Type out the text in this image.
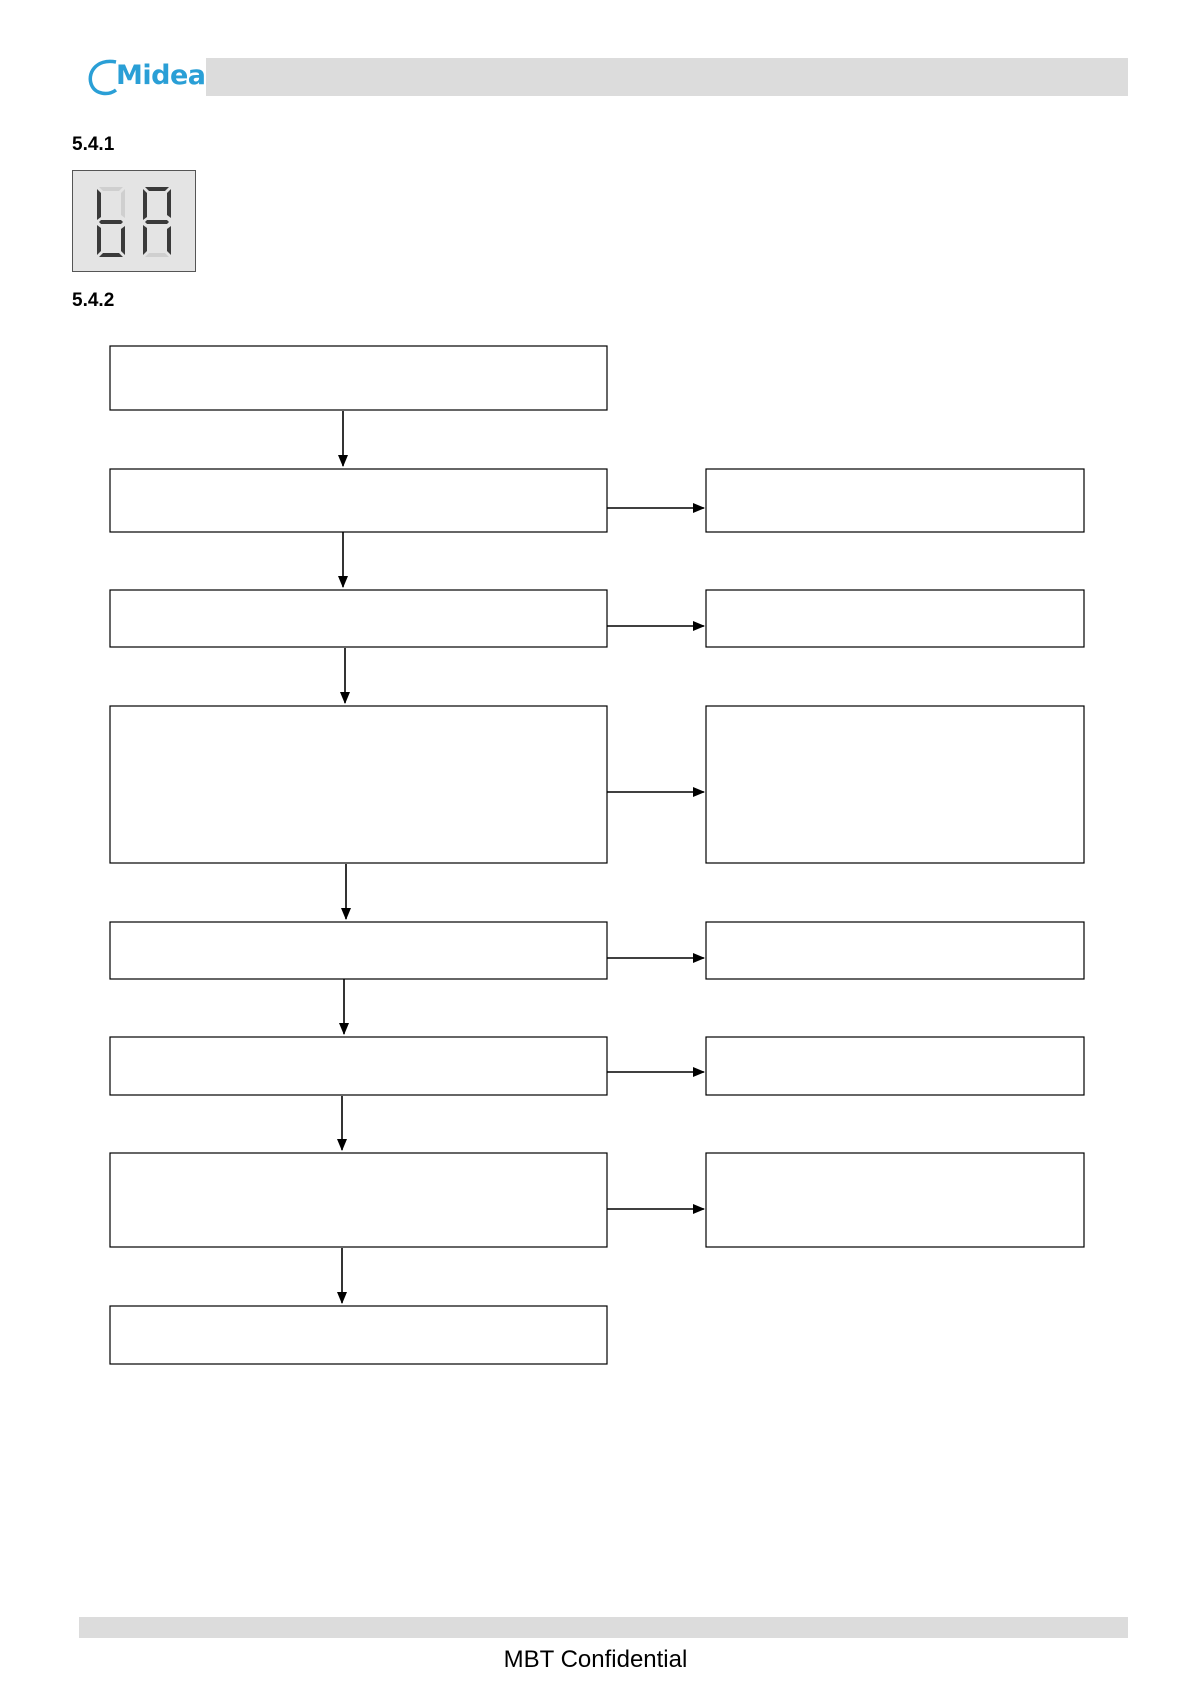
Midea
5.4.1
5.4.2
MBT Confidential
